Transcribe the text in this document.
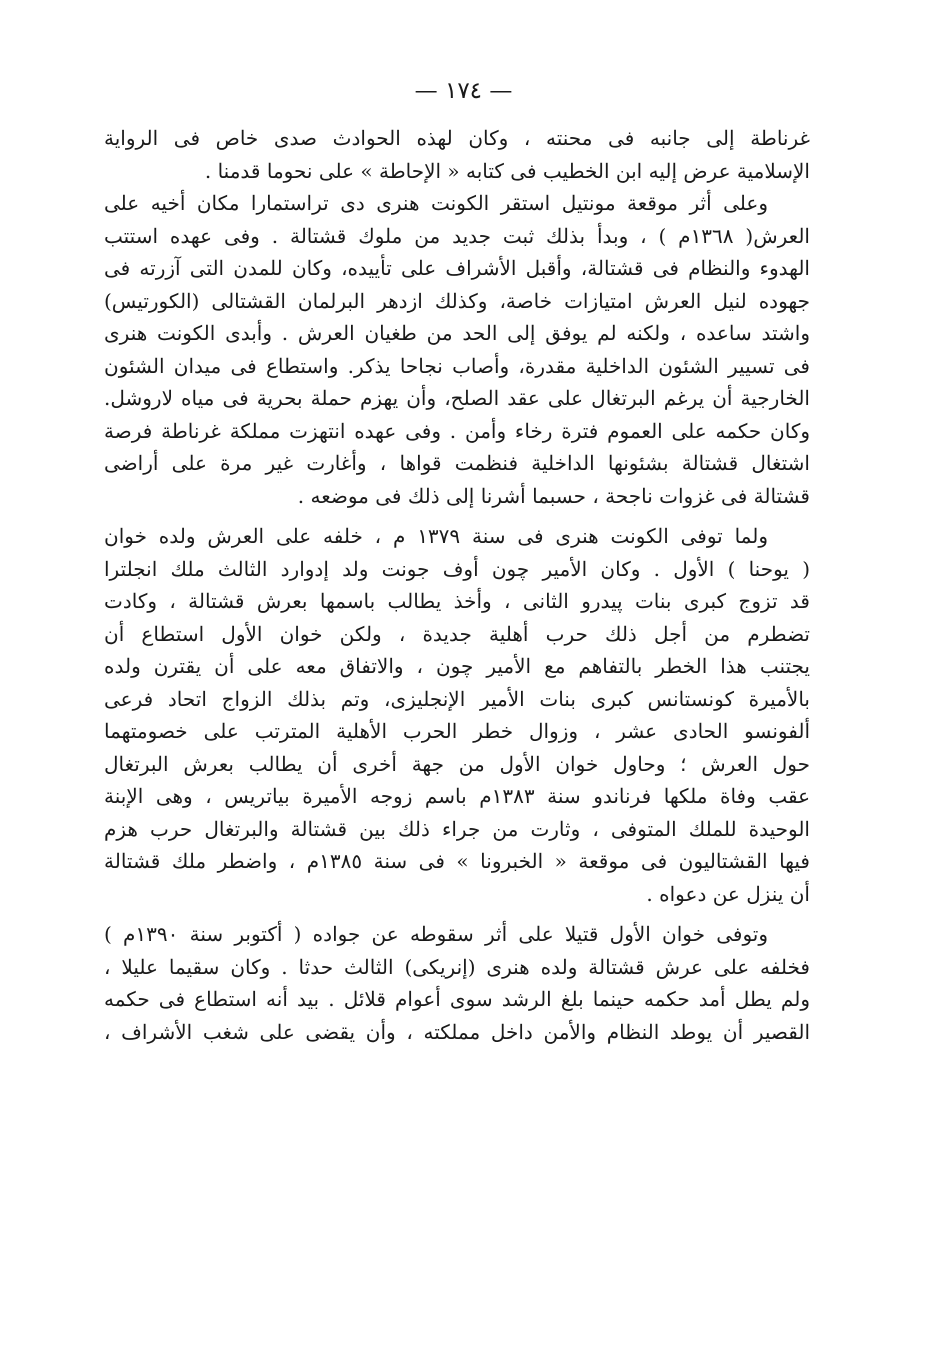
— ١٧٤ —
غرناطة إلى جانبه فى محنته ، وكان لهذه الحوادث صدى خاص فى الرواية
الإسلامية عرض إليه ابن الخطيب فى كتابه « الإحاطة » على نحوما قدمنا .
وعلى أثر موقعة مونتيل استقر الكونت هنرى دى تراستمارا مكان أخيه على
العرش( ١٣٦٨م ) ، وبدأ بذلك ثبت جديد من ملوك قشتالة . وفى عهده استتب
الهدوء والنظام فى قشتالة، وأقبل الأشراف على تأييده، وكان للمدن التى آزرته فى
جهوده لنيل العرش امتيازات خاصة، وكذلك ازدهر البرلمان القشتالى (الكورتيس)
واشتد ساعده ، ولكنه لم يوفق إلى الحد من طغيان العرش . وأبدى الكونت هنرى
فى تسيير الشئون الداخلية مقدرة، وأصاب نجاحا يذكر. واستطاع فى ميدان الشئون
الخارجية أن يرغم البرتغال على عقد الصلح، وأن يهزم حملة بحرية فى مياه لاروشل.
وكان حكمه على العموم فترة رخاء وأمن . وفى عهده انتهزت مملكة غرناطة فرصة
اشتغال قشتالة بشئونها الداخلية فنظمت قواها ، وأغارت غير مرة على أراضى
قشتالة فى غزوات ناجحة ، حسبما أشرنا إلى ذلك فى موضعه .
ولما توفى الكونت هنرى فى سنة ١٣٧٩ م ، خلفه على العرش ولده خوان
( يوحنا ) الأول . وكان الأمير چون أوف جونت ولد إدوارد الثالث ملك انجلترا
قد تزوج كبرى بنات پيدرو الثانى ، وأخذ يطالب باسمها بعرش قشتالة ، وكادت
تضطرم من أجل ذلك حرب أهلية جديدة ، ولكن خوان الأول استطاع أن
يجتنب هذا الخطر بالتفاهم مع الأمير چون ، والاتفاق معه على أن يقترن ولده
بالأميرة كونستانس كبرى بنات الأمير الإنجليزى، وتم بذلك الزواج اتحاد فرعى
ألفونسو الحادى عشر ، وزوال خطر الحرب الأهلية المترتب على خصومتهما
حول العرش ؛ وحاول خوان الأول من جهة أخرى أن يطالب بعرش البرتغال
عقب وفاة ملكها فرناندو سنة ١٣٨٣م باسم زوجه الأميرة بياتريس ، وهى الإبنة
الوحيدة للملك المتوفى ، وثارت من جراء ذلك بين قشتالة والبرتغال حرب هزم
فيها القشتاليون فى موقعة « الخبرونا » فى سنة ١٣٨٥م ، واضطر ملك قشتالة
أن ينزل عن دعواه .
وتوفى خوان الأول قتيلا على أثر سقوطه عن جواده ( أكتوبر سنة ١٣٩٠م )
فخلفه على عرش قشتالة ولده هنرى (إنريكى) الثالث حدثا . وكان سقيما عليلا ،
ولم يطل أمد حكمه حينما بلغ الرشد سوى أعوام قلائل . بيد أنه استطاع فى حكمه
القصير أن يوطد النظام والأمن داخل مملكته ، وأن يقضى على شغب الأشراف ،
